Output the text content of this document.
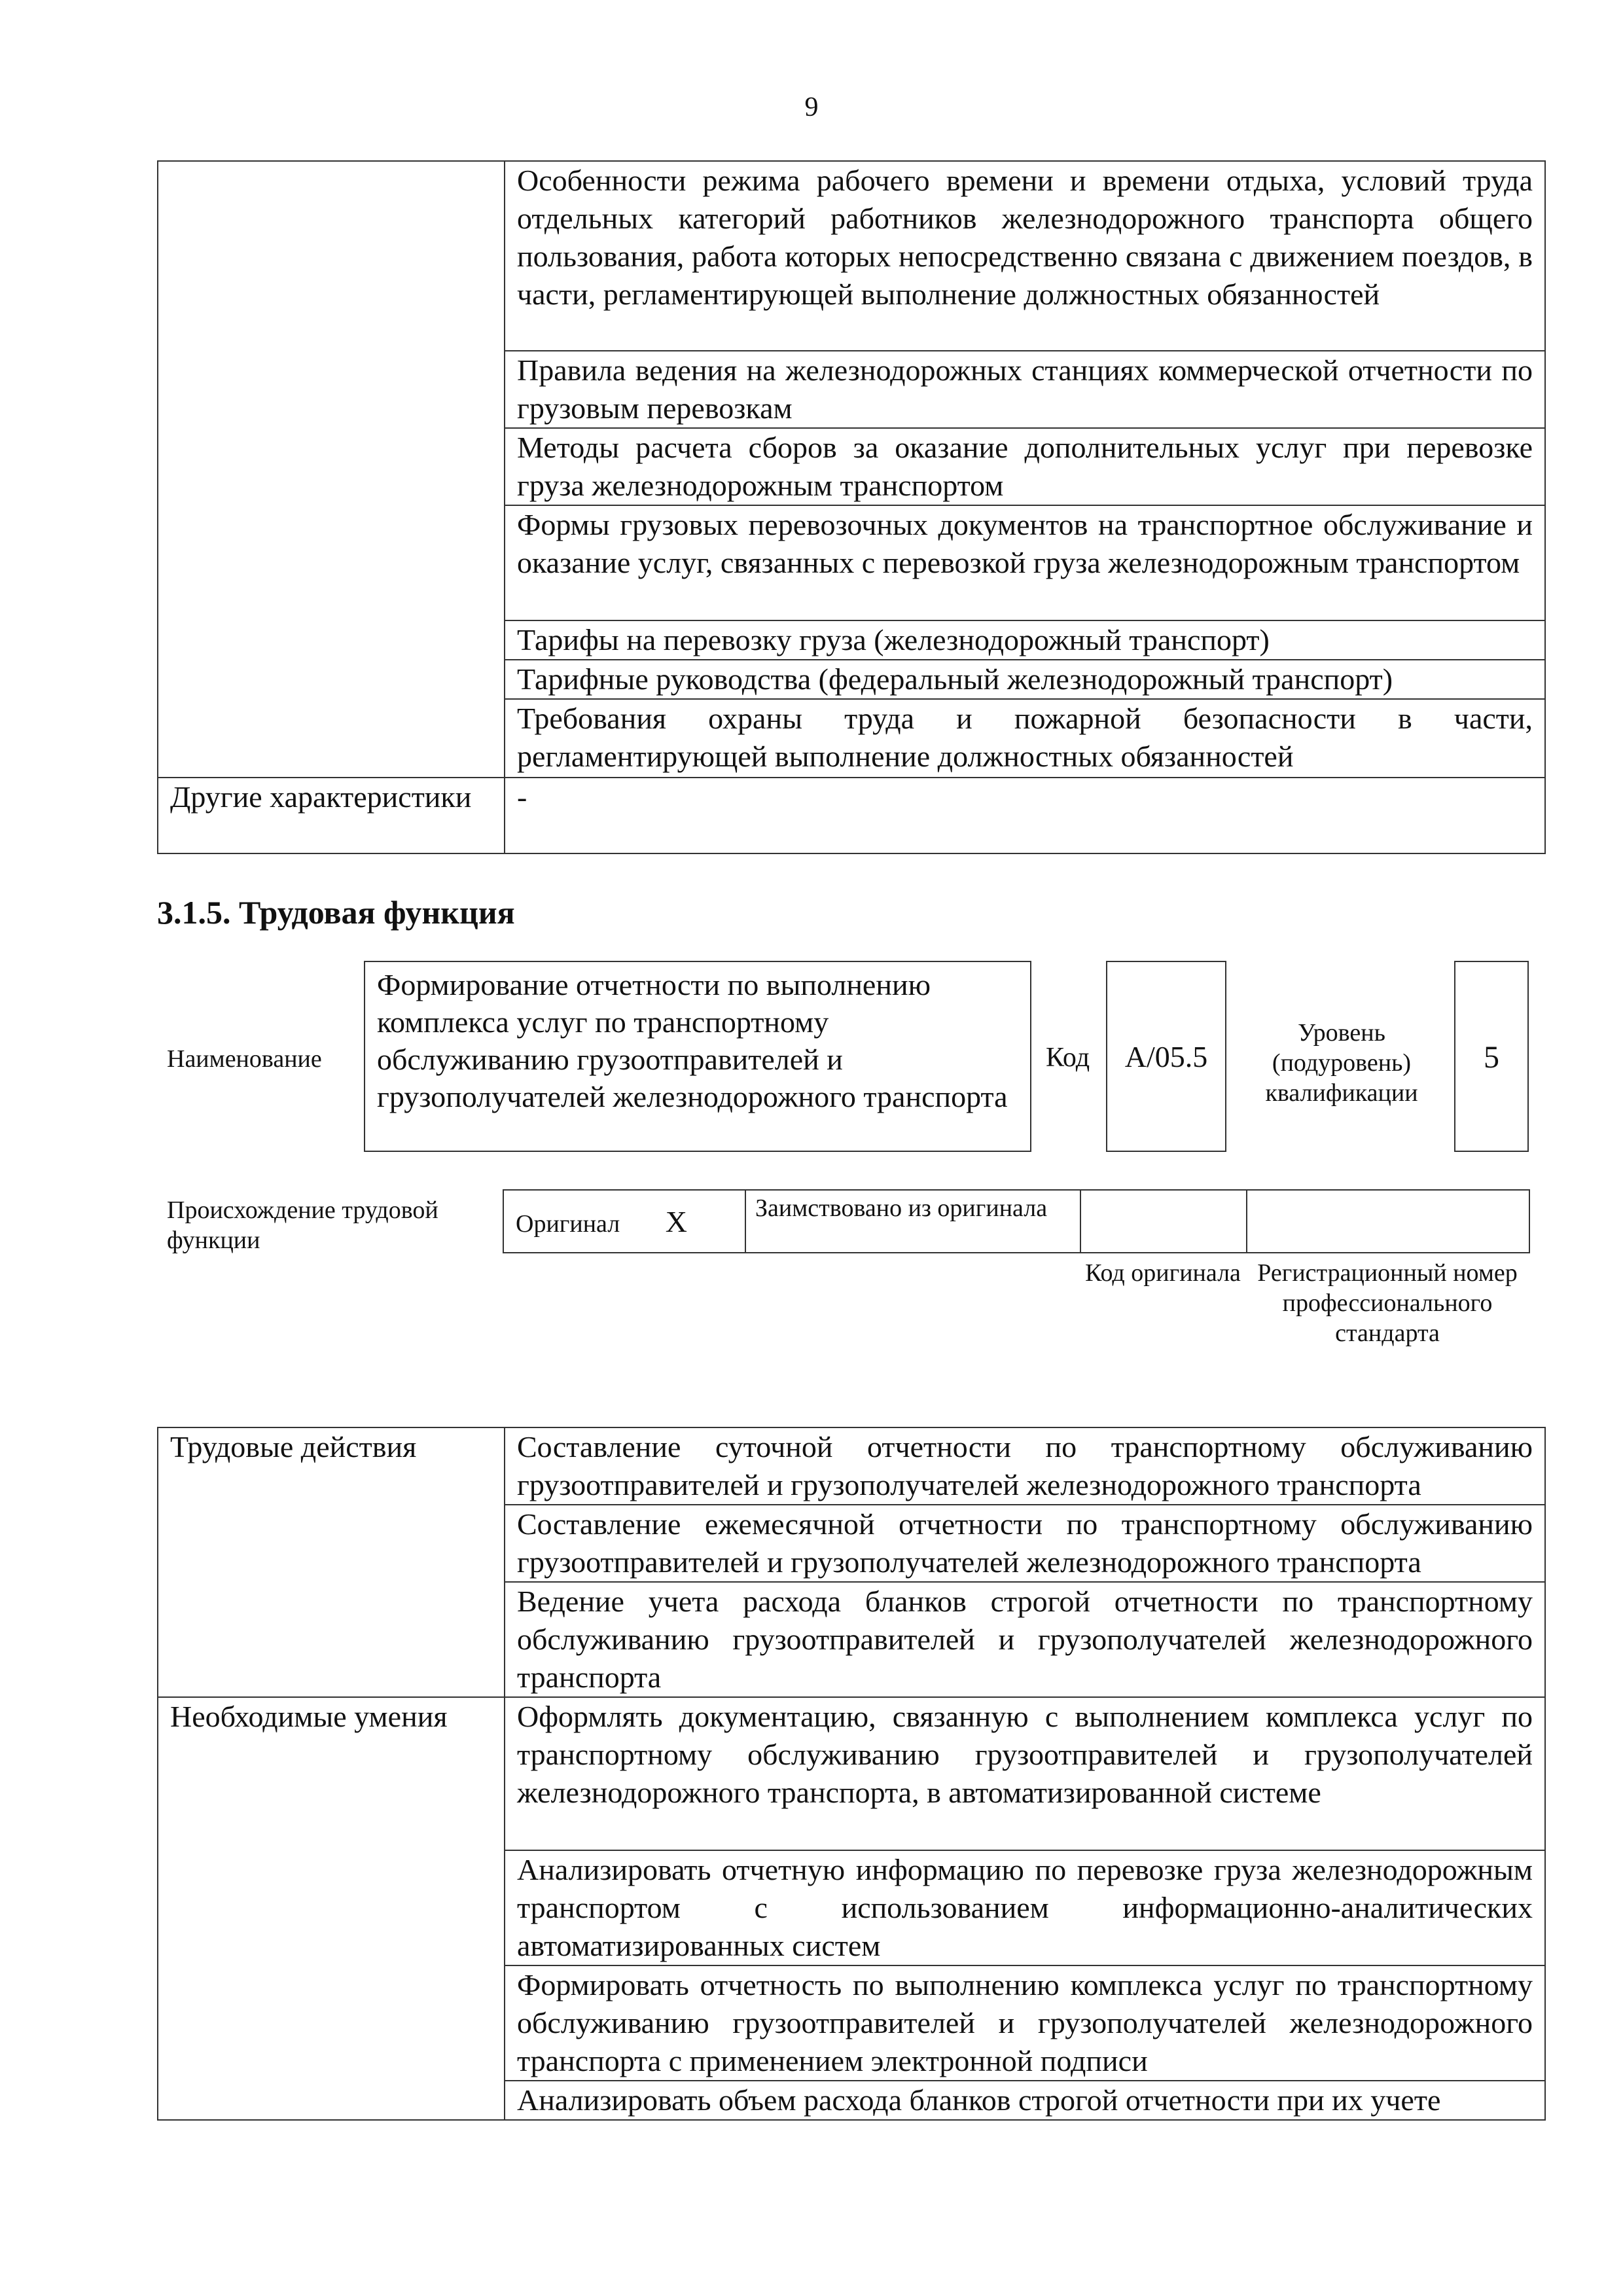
9
	Особенности режима рабочего времени и времени отдыха, условий труда отдельных категорий работников железнодорожного транспорта общего пользования, работа которых непосредственно связана с движением поездов, в части, регламентирующей выполнение должностных обязанностей
	Правила ведения на железнодорожных станциях коммерческой отчетности по грузовым перевозкам
	Методы расчета сборов за оказание дополнительных услуг при перевозке груза железнодорожным транспортом
	Формы грузовых перевозочных документов на транспортное обслуживание и оказание услуг, связанных с перевозкой груза железнодорожным транспортом
	Тарифы на перевозку груза (железнодорожный транспорт)
	Тарифные руководства (федеральный железнодорожный транспорт)
	Требования охраны труда и пожарной безопасности в части, регламентирующей выполнение должностных обязанностей
Другие характеристики	-
3.1.5. Трудовая функция
Наименование
Формирование отчетности по выполнению комплекса услуг по транспортному обслуживанию грузоотправителей и грузополучателей железнодорожного транспорта
Код	А/05.5
Уровень (подуровень) квалификации
5
Происхождение трудовой функции
Оригинал X	Заимствовано из оригинала		
Код оригинала Регистрационный номер профессионального стандарта
Трудовые действия	Составление суточной отчетности по транспортному обслуживанию грузоотправителей и грузополучателей железнодорожного транспорта
	Составление ежемесячной отчетности по транспортному обслуживанию грузоотправителей и грузополучателей железнодорожного транспорта
	Ведение учета расхода бланков строгой отчетности по транспортному обслуживанию грузоотправителей и грузополучателей железнодорожного транспорта
Необходимые умения	Оформлять документацию, связанную с выполнением комплекса услуг по транспортному обслуживанию грузоотправителей и грузополучателей железнодорожного транспорта, в автоматизированной системе
	Анализировать отчетную информацию по перевозке груза железнодорожным транспортом с использованием информационно-аналитических автоматизированных систем
	Формировать отчетность по выполнению комплекса услуг по транспортному обслуживанию грузоотправителей и грузополучателей железнодорожного транспорта с применением электронной подписи
	Анализировать объем расхода бланков строгой отчетности при их учете
